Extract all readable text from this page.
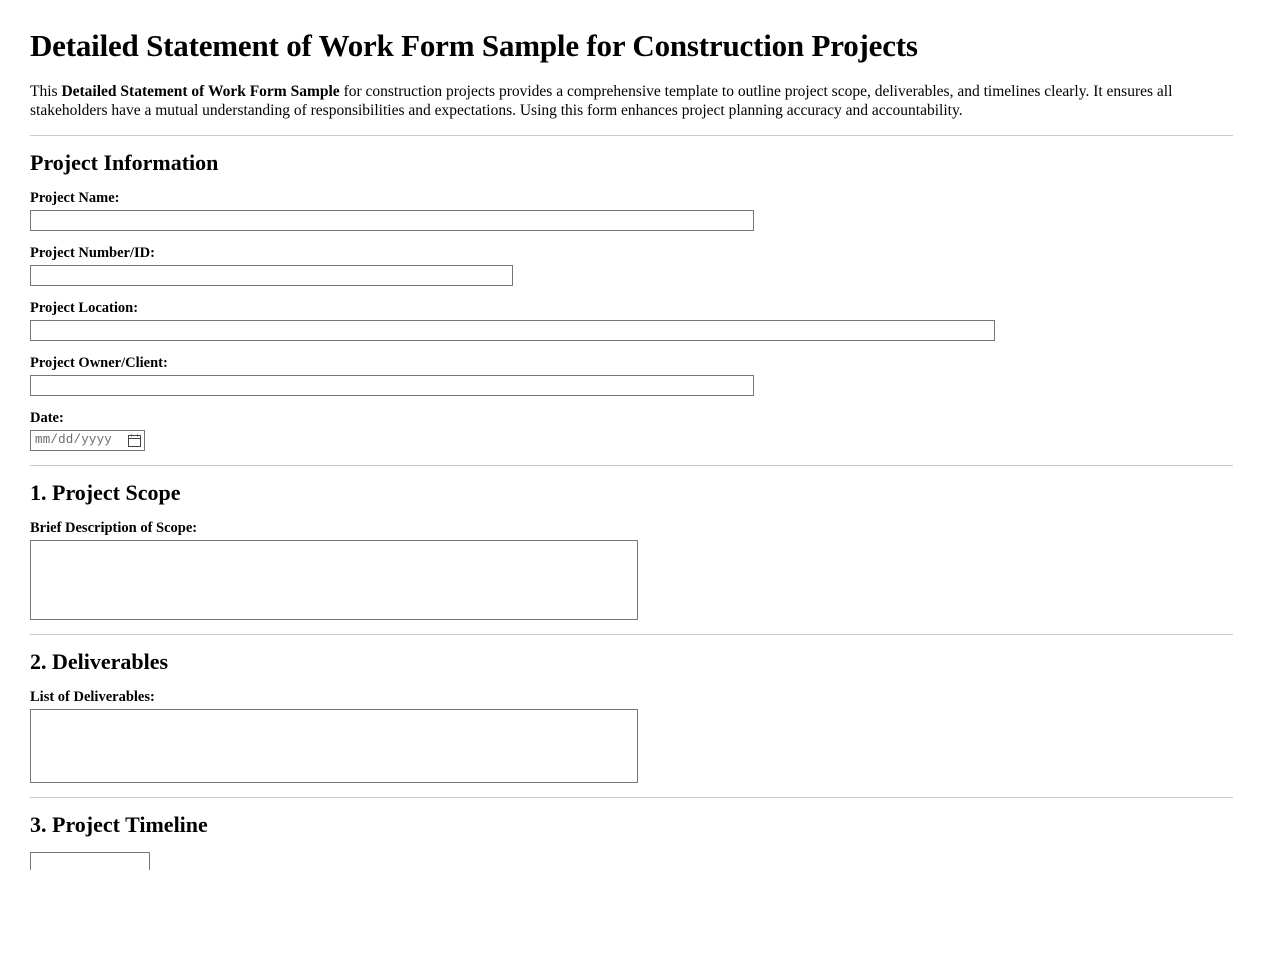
Detailed Statement of Work Form Sample for Construction Projects

This Detailed Statement of Work Form Sample for construction projects provides a comprehensive template to outline project scope, deliverables, and timelines clearly. It ensures all stakeholders have a mutual understanding of responsibilities and expectations. Using this form enhances project planning accuracy and accountability.

Project Information
Project Name:
Project Number/ID:
Project Location:
Project Owner/Client:
Date:
mm/dd/yyyy
1. Project Scope
Brief Description of Scope:
2. Deliverables
List of Deliverables:
3. Project Timeline
